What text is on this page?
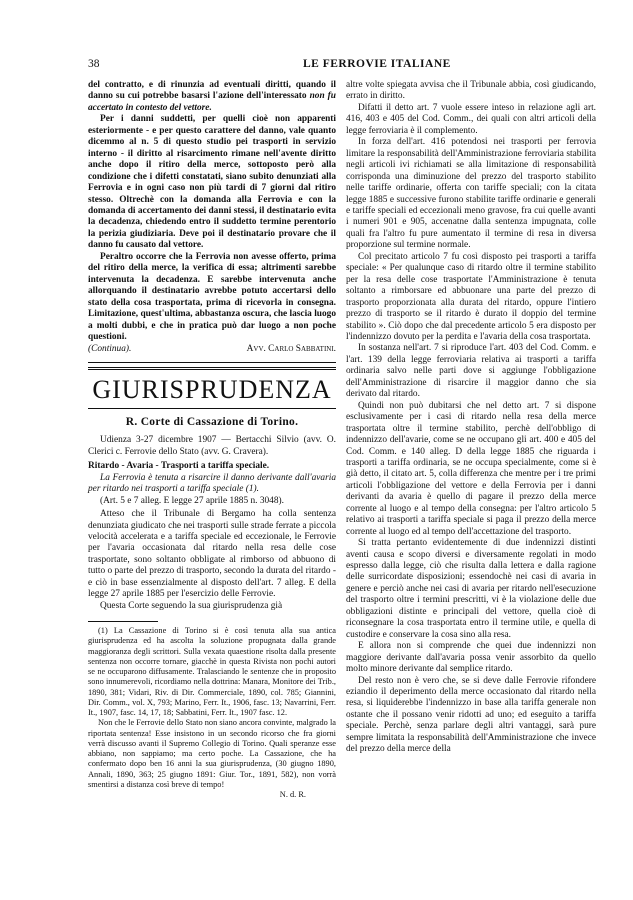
38	LE FERROVIE ITALIANE

del contratto, e di rinunzia ad eventuali diritti, quando il danno su cui potrebbe basarsi l'azione dell'interessato non fu accertato in contesto del vettore.

Per i danni suddetti, per quelli cioè non apparenti esteriormente - e per questo carattere del danno, vale quanto dicemmo al n. 5 di questo studio pei trasporti in servizio interno - il diritto al risarcimento rimane nell'avente diritto anche dopo il ritiro della merce, sottoposto però alla condizione che i difetti constatati, siano subito denunziati alla Ferrovia e in ogni caso non più tardi di 7 giorni dal ritiro stesso. Oltrechè con la domanda alla Ferrovia e con la domanda di accertamento dei danni stessi, il destinatario evita la decadenza, chiedendo entro il suddetto termine perentorio la perizia giudiziaria. Deve poi il destinatario provare che il danno fu causato dal vettore.

Peraltro occorre che la Ferrovia non avesse offerto, prima del ritiro della merce, la verifica di essa; altrimenti sarebbe intervenuta la decadenza. E sarebbe intervenuta anche allorquando il destinatario avrebbe potuto accertarsi dello stato della cosa trasportata, prima di ricevorla in consegna. Limitazione, quest'ultima, abbastanza oscura, che lascia luogo a molti dubbi, e che in pratica può dar luogo a non poche questioni.

(Continua).	Avv. Carlo Sabbatini.
GIURISPRUDENZA
R. Corte di Cassazione di Torino.

Udienza 3-27 dicembre 1907 — Bertacchi Silvio (avv. O. Clerici c. Ferrovie dello Stato (avv. G. Cravera).

Ritardo - Avaria - Trasporti a tariffa speciale.

La Ferrovia è tenuta a risarcire il danno derivante dall'avaria per ritardo nei trasporti a tariffa speciale (1).

(Art. 5 e 7 alleg. E legge 27 aprile 1885 n. 3048).

Atteso che il Tribunale di Bergamo ha colla sentenza denunziata giudicato che nei trasporti sulle strade ferrate a piccola velocità accelerata e a tariffa speciale ed eccezionale, le Ferrovie per l'avaria occasionata dal ritardo nella resa delle cose trasportate, sono soltanto obbligate al rimborso od abbuono di tutto o parte del prezzo di trasporto, secondo la durata del ritardo - e ciò in base essenzialmente al disposto dell'art. 7 alleg. E della legge 27 aprile 1885 per l'esercizio delle Ferrovie.

Questa Corte seguendo la sua giurisprudenza già

(1) La Cassazione di Torino si è così tenuta alla sua antica giurisprudenza ed ha ascolta la soluzione propugnata dalla grande maggioranza degli scrittori. Sulla vexata quaestione risolta dalla presente sentenza non occorre tornare, giacchè in questa Rivista non pochi autori se ne occuparono diffusamente. Tralasciando le sentenze che in proposito sono innumerevoli, ricordiamo nella dottrina: Manara, Monitore dei Trib., 1890, 381; Vidari, Riv. di Dir. Commerciale, 1890, col. 785; Giannini, Dir. Comm., vol. X, 793; Marino, Ferr. It., 1906, fasc. 13; Navarrini, Ferr. It., 1907, fasc. 14, 17, 18; Sabbatini, Ferr. It., 1907 fasc. 12.

Non che le Ferrovie dello Stato non siano ancora convinte, malgrado la riportata sentenza! Esse insistono in un secondo ricorso che fra giorni verrà discusso avanti il Supremo Collegio di Torino. Quali speranze esse abbiano, non sappiamo; ma certo poche. La Cassazione, che ha confermato dopo ben 16 anni la sua giurisprudenza, (30 giugno 1890, Annali, 1890, 363; 25 giugno 1891: Giur. Tor., 1891, 582), non vorrà smentirsi a distanza così breve di tempo!

N. d. R.

altre volte spiegata avvisa che il Tribunale abbia, così giudicando, errato in diritto.

Difatti il detto art. 7 vuole essere inteso in relazione agli art. 416, 403 e 405 del Cod. Comm., dei quali con altri articoli della legge ferroviaria è il complemento.

In forza dell'art. 416 potendosi nei trasporti per ferrovia limitare la responsabilità dell'Amministrazione ferroviaria stabilita negli articoli ivi richiamati se alla limitazione di responsabilità corrisponda una diminuzione del prezzo del trasporto stabilito nelle tariffe ordinarie, offerta con tariffe speciali; con la citata legge 1885 e successive furono stabilite tariffe ordinarie e generali e tariffe speciali ed eccezionali meno gravose, fra cui quelle avanti i numeri 901 e 905, accenatne dalla sentenza impugnata, colle quali fra l'altro fu pure aumentato il termine di resa in diversa proporzione sul termine normale.

Col precitato articolo 7 fu così disposto pei trasporti a tariffa speciale: « Per qualunque caso di ritardo oltre il termine stabilito per la resa delle cose trasportate l'Amministrazione è tenuta soltanto a rimborsare ed abbuonare una parte del prezzo di trasporto proporzionata alla durata del ritardo, oppure l'intiero prezzo di trasporto se il ritardo è durato il doppio del termine stabilito ». Ciò dopo che dal precedente articolo 5 era disposto per l'indennizzo dovuto per la perdita e l'avaria della cosa trasportata.

In sostanza nell'art. 7 si riproduce l'art. 403 del Cod. Comm. e l'art. 139 della legge ferroviaria relativa ai trasporti a tariffa ordinaria salvo nelle parti dove si aggiunge l'obbligazione dell'Amministrazione di risarcire il maggior danno che sia derivato dal ritardo.

Quindi non può dubitarsi che nel detto art. 7 si dispone esclusivamente per i casi di ritardo nella resa della merce trasportata oltre il termine stabilito, perchè dell'obbligo di indennizzo dell'avarie, come se ne occupano gli art. 400 e 405 del Cod. Comm. e 140 alleg. D della legge 1885 che riguarda i trasporti a tariffa ordinaria, se ne occupa specialmente, come si è già detto, il citato art. 5, colla differenza che mentre per i tre primi articoli l'obbligazione del vettore e della Ferrovia per i danni derivanti da avaria è quello di pagare il prezzo della merce corrente al luogo e al tempo della consegna: per l'altro articolo 5 relativo ai trasporti a tariffa speciale si paga il prezzo della merce corrente al luogo ed al tempo dell'accettazione del trasporto.

Si tratta pertanto evidentemente di due indennizzi distinti aventi causa e scopo diversi e diversamente regolati in modo espresso dalla legge, ciò che risulta dalla lettera e dalla ragione delle surricordate disposizioni; essendochè nei casi di avaria in genere e perciò anche nei casi di avaria per ritardo nell'esecuzione del trasporto oltre i termini prescritti, vi è la violazione delle due obbligazioni distinte e principali del vettore, quella cioè di riconsegnare la cosa trasportata entro il termine utile, e quella di custodire e conservare la cosa sino alla resa.

E allora non si comprende che quei due indennizzi non maggiore derivante dall'avaria possa venir assorbito da quello molto minore derivante dal semplice ritardo.

Del resto non è vero che, se si deve dalle Ferrovie rifondere eziandio il deperimento della merce occasionato dal ritardo nella resa, si liquiderebbe l'indennizzo in base alla tariffa generale non ostante che il possano venir ridotti ad uno; ed eseguito a tariffa speciale. Perchè, senza parlare degli altri vantaggi, sarà pure sempre limitata la responsabilità dell'Amministrazione che invece del prezzo della merce della
